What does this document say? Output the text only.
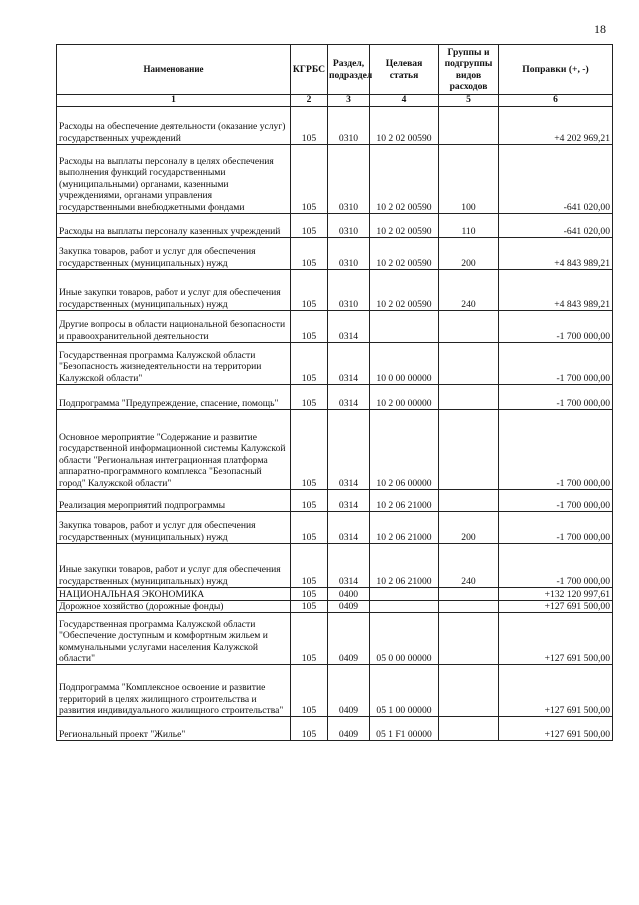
18
Наименование	КГРБС	Раздел, подраздел	Целевая статья	Группы и подгруппы видов расходов	Поправки (+, -)
1	2	3	4	5	6
Расходы на обеспечение деятельности (оказание услуг) государственных учреждений	105	0310	10 2 02 00590		+4 202 969,21
Расходы на выплаты персоналу в целях обеспечения выполнения функций государственными (муниципальными) органами, казенными учреждениями, органами управления государственными внебюджетными фондами	105	0310	10 2 02 00590	100	-641 020,00
Расходы на выплаты персоналу казенных учреждений	105	0310	10 2 02 00590	110	-641 020,00
Закупка товаров, работ и услуг для обеспечения государственных (муниципальных) нужд	105	0310	10 2 02 00590	200	+4 843 989,21
Иные закупки товаров, работ и услуг для обеспечения государственных (муниципальных) нужд	105	0310	10 2 02 00590	240	+4 843 989,21
Другие вопросы в области национальной безопасности и правоохранительной деятельности	105	0314			-1 700 000,00
Государственная программа Калужской области "Безопасность жизнедеятельности на территории Калужской области"	105	0314	10 0 00 00000		-1 700 000,00
Подпрограмма "Предупреждение, спасение, помощь"	105	0314	10 2 00 00000		-1 700 000,00
Основное мероприятие "Содержание и развитие государственной информационной системы Калужской области "Региональная интеграционная платформа аппаратно-программного комплекса "Безопасный город" Калужской области"	105	0314	10 2 06 00000		-1 700 000,00
Реализация мероприятий подпрограммы	105	0314	10 2 06 21000		-1 700 000,00
Закупка товаров, работ и услуг для обеспечения государственных (муниципальных) нужд	105	0314	10 2 06 21000	200	-1 700 000,00
Иные закупки товаров, работ и услуг для обеспечения государственных (муниципальных) нужд	105	0314	10 2 06 21000	240	-1 700 000,00
НАЦИОНАЛЬНАЯ ЭКОНОМИКА	105	0400			+132 120 997,61
Дорожное хозяйство (дорожные фонды)	105	0409			+127 691 500,00
Государственная программа Калужской области "Обеспечение доступным и комфортным жильем и коммунальными услугами населения Калужской области"	105	0409	05 0 00 00000		+127 691 500,00
Подпрограмма "Комплексное освоение и развитие территорий в целях жилищного строительства и развития индивидуального жилищного строительства"	105	0409	05 1 00 00000		+127 691 500,00
Региональный проект "Жилье"	105	0409	05 1 F1 00000		+127 691 500,00
